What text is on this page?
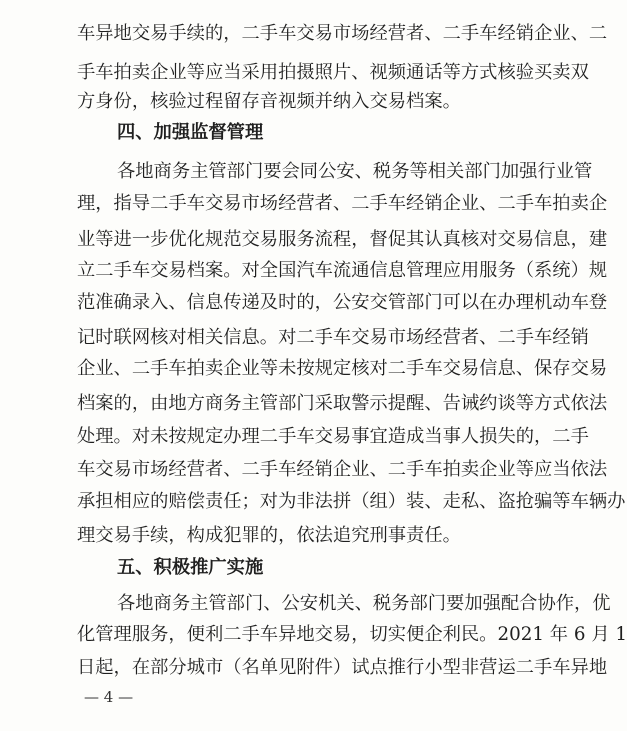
车异地交易手续的，二手车交易市场经营者、二手车经销企业、二
手车拍卖企业等应当采用拍摄照片、视频通话等方式核验买卖双
方身份，核验过程留存音视频并纳入交易档案。
四、加强监督管理
各地商务主管部门要会同公安、税务等相关部门加强行业管
理，指导二手车交易市场经营者、二手车经销企业、二手车拍卖企
业等进一步优化规范交易服务流程，督促其认真核对交易信息，建
立二手车交易档案。对全国汽车流通信息管理应用服务（系统）规
范准确录入、信息传递及时的，公安交管部门可以在办理机动车登
记时联网核对相关信息。对二手车交易市场经营者、二手车经销
企业、二手车拍卖企业等未按规定核对二手车交易信息、保存交易
档案的，由地方商务主管部门采取警示提醒、告诫约谈等方式依法
处理。对未按规定办理二手车交易事宜造成当事人损失的，二手
车交易市场经营者、二手车经销企业、二手车拍卖企业等应当依法
承担相应的赔偿责任；对为非法拼（组）装、走私、盗抢骗等车辆办
理交易手续，构成犯罪的，依法追究刑事责任。
五、积极推广实施
各地商务主管部门、公安机关、税务部门要加强配合协作，优
化管理服务，便利二手车异地交易，切实便企利民。2021 年 6 月 1
日起，在部分城市（名单见附件）试点推行小型非营运二手车异地
— 4 —
